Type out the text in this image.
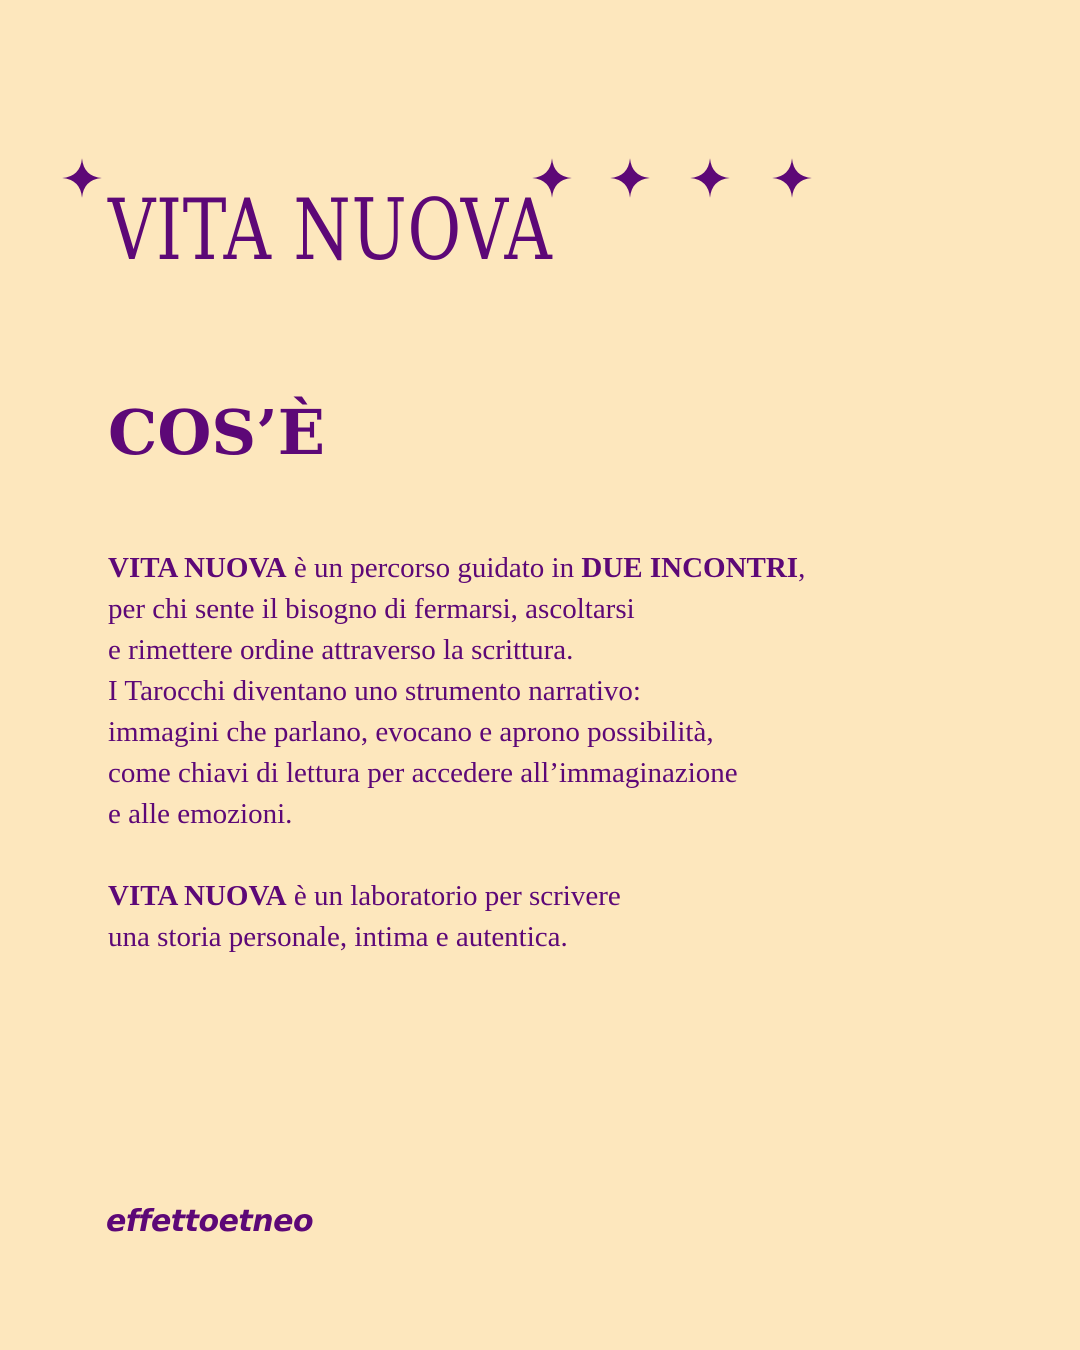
VITA NUOVA
COS’È

VITA NUOVA è un percorso guidato in DUE INCONTRI,
per chi sente il bisogno di fermarsi, ascoltarsi
e rimettere ordine attraverso la scrittura.
I Tarocchi diventano uno strumento narrativo:
immagini che parlano, evocano e aprono possibilità,
come chiavi di lettura per accedere all’immaginazione
e alle emozioni.

VITA NUOVA è un laboratorio per scrivere
una storia personale, intima e autentica.

effettoetneo
